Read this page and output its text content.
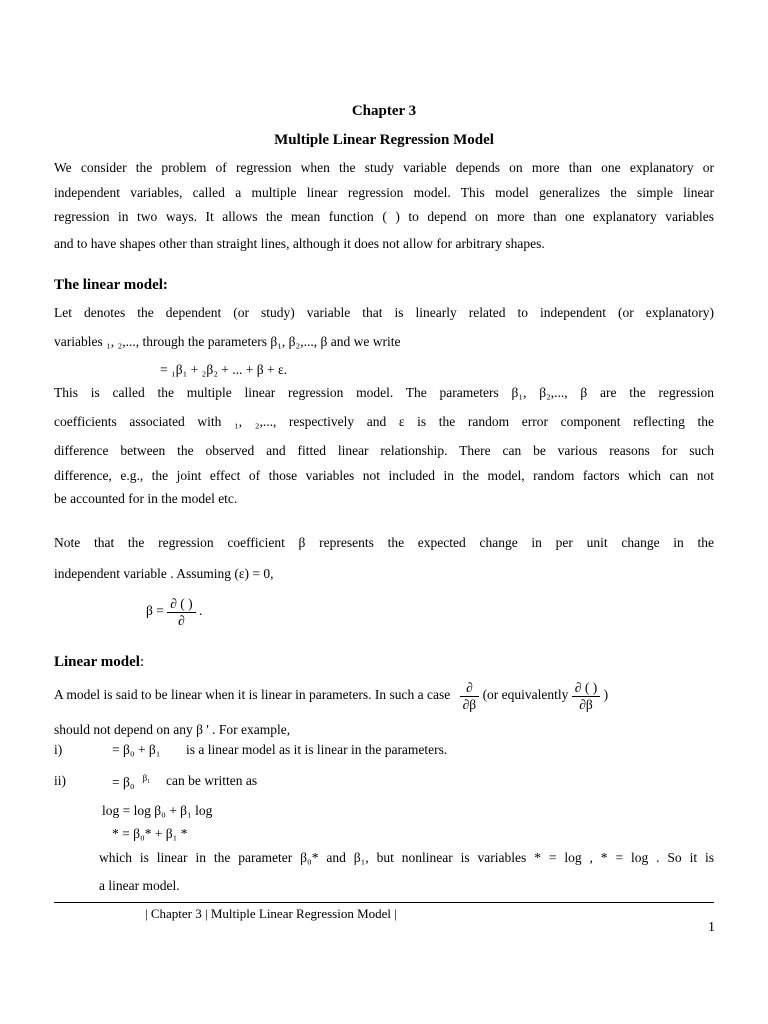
Chapter 3
Multiple Linear Regression Model
We consider the problem of regression when the study variable depends on more than one explanatory or
independent variables, called a multiple linear regression model. This model generalizes the simple linear
regression in two ways. It allows the mean function ( ) to depend on more than one explanatory variables
and to have shapes other than straight lines, although it does not allow for arbitrary shapes.
The linear model:
Let denotes the dependent (or study) variable that is linearly related to independent (or explanatory)
variables ₁, ₂,..., through the parameters β₁, β₂,..., β and we write
= ₁β₁ + ₂β₂ + ... + β + ε.
This is called the multiple linear regression model. The parameters β₁, β₂,..., β are the regression
coefficients associated with ₁, ₂,..., respectively and ε is the random error component reflecting the
difference between the observed and fitted linear relationship. There can be various reasons for such
difference, e.g., the joint effect of those variables not included in the model, random factors which can not
be accounted for in the model etc.
Note that the regression coefficient β represents the expected change in per unit change in the
independent variable . Assuming (ε) = 0,
$\beta = \frac{\partial ( )}{\partial}$ .
Linear model:
A model is said to be linear when it is linear in parameters. In such a case $\frac{\partial}{\partial\beta} (or$ equivalently $\frac{\partial ( )}{\partial\beta}$ )
should not depend on any β ' . For example,
i)	= β₀ + β₁ is a linear model as it is linear in the parameters.
ii)	= β₀ $^{\beta_1}$ can be written as
log = log β₀ + β₁ log
* = β₀* + β₁ *
which is linear in the parameter β₀* and β₁, but nonlinear is variables * = log , * = log . So it is
a linear model.
| Chapter 3 | Multiple Linear Regression Model |
1
